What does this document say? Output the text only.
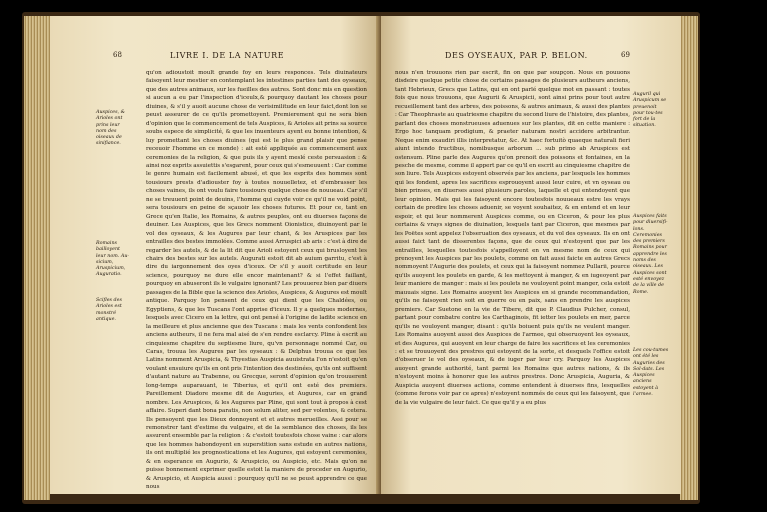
68	LIVRE I. DE LA NATURE
Auspices, & Arioles ont prins leur nom des oiseaux de sinifiance.
Romains bailloyent leur nom. Au-sicium, Aruspicium, Auguratio.
Scifles des Arioles est monstré antique.
qu'on adioustoit moult grande foy en leurs responces. Tels diuinateurs faisoyent leur mestier en contemplant les intestines parties tant des oyseaux, que des autres animaux, sur les fueilles des autres. Sont donc mis en question si aucun a eu par l'inspection d'iceulx,& pourquoy dautant les choses pour diuines, & s'il y auoit aucune chose de verisimilitude en leur faict,dont lon se peust asseurer de ce qu'ils promettoyent. Premierement qui ne sera bien d'opinion que le commencement de tels Auspices, & Arioles ait prins sa source soubs espece de simplicité, & que les inuenteurs ayent eu bonne intention, & luy promettant les choses diuines (qui est le plus grand plaisir que pense receuoir l'homme en ce monde) : ait esté appliquée au commencement aux ceremonies de la religion, & que puis ils y ayent meslé ceste persuasion : & ainsi noz esprits assuiettis s'esgarent, pour ceux qui s'esmeuuent : Car comme le genre humain est facilement abusé, et que les esprits des hommes sont tousiours prests d'adiouster foy à toutes nouuelletez, et d'embrasser les choses vaines, ils ont voulu faire tousiours quelque chose de nouueau. Car s'il ne se treuuent point de deuins, l'homme qui cuyde voir ce qu'il ne void point, sera tousiours en peine de sçauoir les choses futures. Et pour ce, tant en Grece qu'en Italie, les Romains, & autres peuples, ont eu diuerses façons de deuiner. Les Auspices, que les Grecs nomment Oionistice, diuinoyent par le vol des oyseaux, & les Augures par leur chant, & les Aruspices par les entrailles des bestes immolées. Comme aussi Arruspici ab aris : c'est à dire de regarder les autels, & de la lit dit que Arioli estoyent ceux qui brusloyent les chairs des bestes sur les autels. Augurati estoit dit ab auium garritu, c'est à dire du iargonnement des oyes d'iceux. Or s'il y auoit certitude en leur science, pourquoy ne dure elle encor maintenant? & si l'effet faillant, pourquoy en abuseront ils le vulgaire ignorant? Les prouuerez bien par diuers passages de la Bible que la science des Arioles, Auspices, & Augures est moult antique. Parquoy Ion pensent de ceux qui dient que les Chaldées, ou Egyptiens, & que les Tuscans l'ont apprise d'iceux. Il y a quelques modernes, lesquels avec Cicero en la lettre, qui ont pensé à l'origine de ladite science en la meilleure et plus ancienne que des Tuscans : mais les vents confondent les anciens autheurs, il ne fera mal aisé de s'en rendre esclarcy. Pline à escrit au cinquiesme chapitre du septiesme liure, qu'vn personnage nommé Car, ou Caras, trouua les Augures par les oyseaux : & Delphus trouua ce que les Latins nomment Aruspicia, & Thyestias Auspicia auuistrata l'on n'estoit qu'en voulant ensuiure qu'ils en ont pris l'intention des destinées, qu'ils ont suffisent d'autant nature au Trabenne, ou Grecque, seront d'opinion qu'on trouuerent long-temps auparauant, ie Tiberius, et qu'il ont esté des premiers. Pareillement Diadore mesme dit de Auguries, et Augures, car en grand nombre. Les Aruspices, & les Augures par Pline, qui sont tout à propos à cest affaire. Superi dant bona paratis, non solum aliter, sed per volentes, & cetera. Ils pensoyent que les Dieux donnoyent et et autres merueilles. Assi pour se remonstrer tant d'estime du vulgaire, et de la semblance des choses, ils les assurent ensemble par la religion : & c'estoit toutesfois chose vaine : car alors que les hommes habondoyent en superstition sans estude en autres nations, ils ont multiplié les prognostications et les Augures, qui estoyent ceremonies, & en esperance en Augurio, & Aruspicio, ou Auspicio, etc. Mais qu'on ne puisse bonnement exprimer quelle estoit la maniere de proceder en Augurio, & Aruspicio, et Auspicia aussi : pourquoy qu'il ne se peust apprendre ce que nous
DES OYSEAUX, PAR P. BELON.	69
nous n'en trouuons rien par escrit, fin on que par soupçon. Nous en pouuons disdeire quelque petite chose de certains passages de plusieurs autheurs anciens, tant Hebrieux, Grecs que Latins, qui en ont parlé quelque mot en passant : toutes fois que nous trouuons, que Augurii & Aruspicii, sont ainsi prins pour tout autre recueillement tant des arbres, des poissons, & autres animaux, & aussi des plantes : Car Theophraste au quatriesme chapitre du second liure de l'histoire, des plantes, parlant des choses monstrueuses aduenues sur les plantes, dit en cette maniere : Ergo hoc tanquam prodigium, & praeter naturam nostri accidere arbitrantur. Neque enim exaudiri illis interpretatur, &c. At haec fortuitò quaeque naturali fieri aiunt intendo fructibus, nomibusque arborum ... sub primo ab Aruspices est ostensum. Pline parle des Augures qu'on prenoit des poissons et fontaines, en la pesche de mesme, comme il appert par ce qu'il en escrit au cinquiesme chapitre de son liure. Tels Auspices estoyent observés par les anciens, par lesquels les hommes qui les fondent, apres les sacrifices esprouoyent aussi leur cuire, et vn oyseau ou bien prinses, en diuerses aussi plusieurs paroles, laquelle et qui entendoyent que leur opinion. Mais qui les faisoyent encore toutesfois nouueaux estre les vrays certain de predire les choses aduenir, se voyent souhaitez, & en entend et en leur espoir, et qui leur nommerent Auspices comme, ou en Ciceron, & pour les plus certains & vrays signes de diuination, lesquels tant par Ciceron, que mesmes par les Poëtes sont appelez l'obseruation des oyseaux, et du vol des oyseaux. Ils en ont aussi faict tant de disserentes façons, que de ceux qui n'estoyent que par les entrailles, lesquelles toutesfois s'appelloyent en vn mesme nom de ceux qui prenoyent les Auspices par les poulets, comme on fait aussi faicte en autres Grecs nommoyent l'Augurie des poulets, et ceux qui la faisoyent nommez Pullarii, pource qu'ils auoyent les poulets en garde, & les mettoyent à manger, & en iugeoyent par leur maniere de manger : mais si les poulets ne vouloyent point manger, cela estoit mauuais signe. Les Romains auoyent les Auspices en si grande recommandation, qu'ils ne faisoyent rien soit en guerre ou en paix, sans en prendre les auspices premiers. Car Suetone en la vie de Tibere, dit que P. Claudius Pulcher, consul, partant pour combatre contre les Carthaginois, fit ietter les poulets en mer, parce qu'ils ne vouloyent manger, disant : qu'ils boiuent puis qu'ils ne veulent manger. Les Romains auoyent aussi des Auspices de l'armee, qui obseruoyent les oyseaux, et des Augures, qui auoyent en leur charge de faire les sacrifices et les ceremonies : et se trouuoyent des prestres qui estoyent de la sorte, et desquels l'office estoit d'obseruer le vol des oyseaux, & de iuger par leur cry. Parquoy les Auspices auoyent grande authorité, tant parmi les Romains que autres nations, & ils n'estoyent moins à honorer que les autres prestres. Donc Aruspicia, Auguria, & Auspicia auoyent diuerses actions, comme entendent à diuerses fins, lesquelles (comme ferons voir par ce apres) n'estoyent nommés de ceux qui les faisoyent, que de la vie vulgaire de leur faict. Ce que qu'il y a eu plus
Auguril qui Aruspicum se preuenoit pour tou-tes fort de la situation.
Auspices faits pour diuersifi-lons. Ceremonies des premiers Romains pour apprendre les noms des oiseaux. Les Auspices sont esté envoyez de la ville de Rome.
Les cou-tumes ont été les Auguries des Sol-dats. Les Auspices anciens estoyent à l'armee.
